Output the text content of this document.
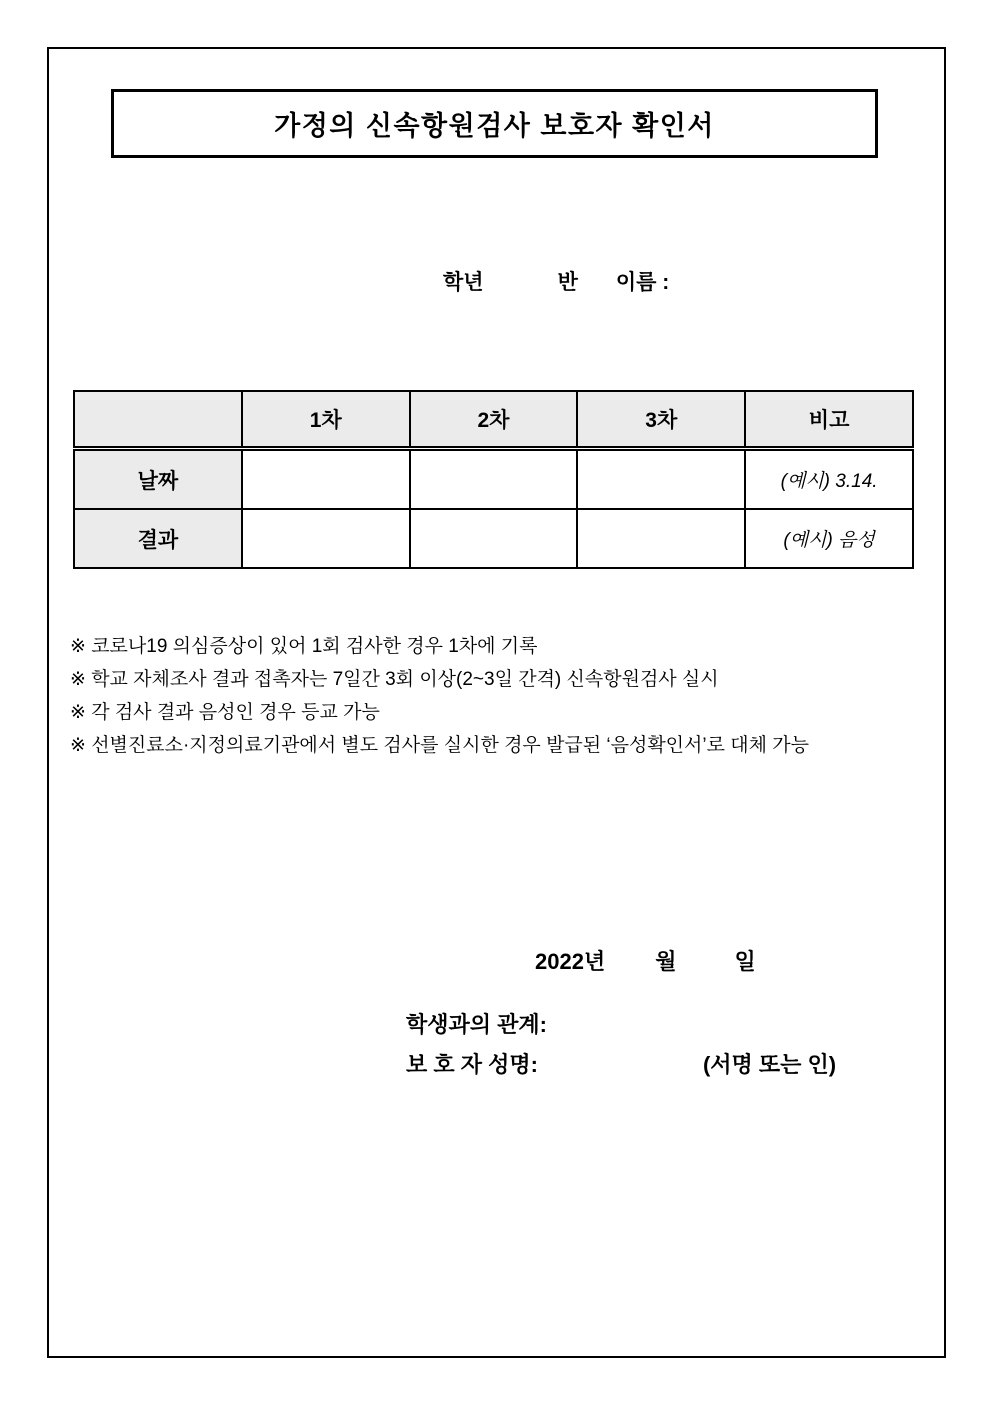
가정의 신속항원검사 보호자 확인서
학년	반 이름 :
	1차	2차	3차	비고
날짜				(예시) 3.14.
결과				(예시) 음성
※ 코로나19 의심증상이 있어 1회 검사한 경우 1차에 기록
※ 학교 자체조사 결과 접촉자는 7일간 3회 이상(2~3일 간격) 신속항원검사 실시
※ 각 검사 결과 음성인 경우 등교 가능
※ 선별진료소·지정의료기관에서 별도 검사를 실시한 경우 발급된 ‘음성확인서’로 대체 가능
2022년 월	일
학생과의 관계:
보 호 자 성명:	(서명 또는 인)
